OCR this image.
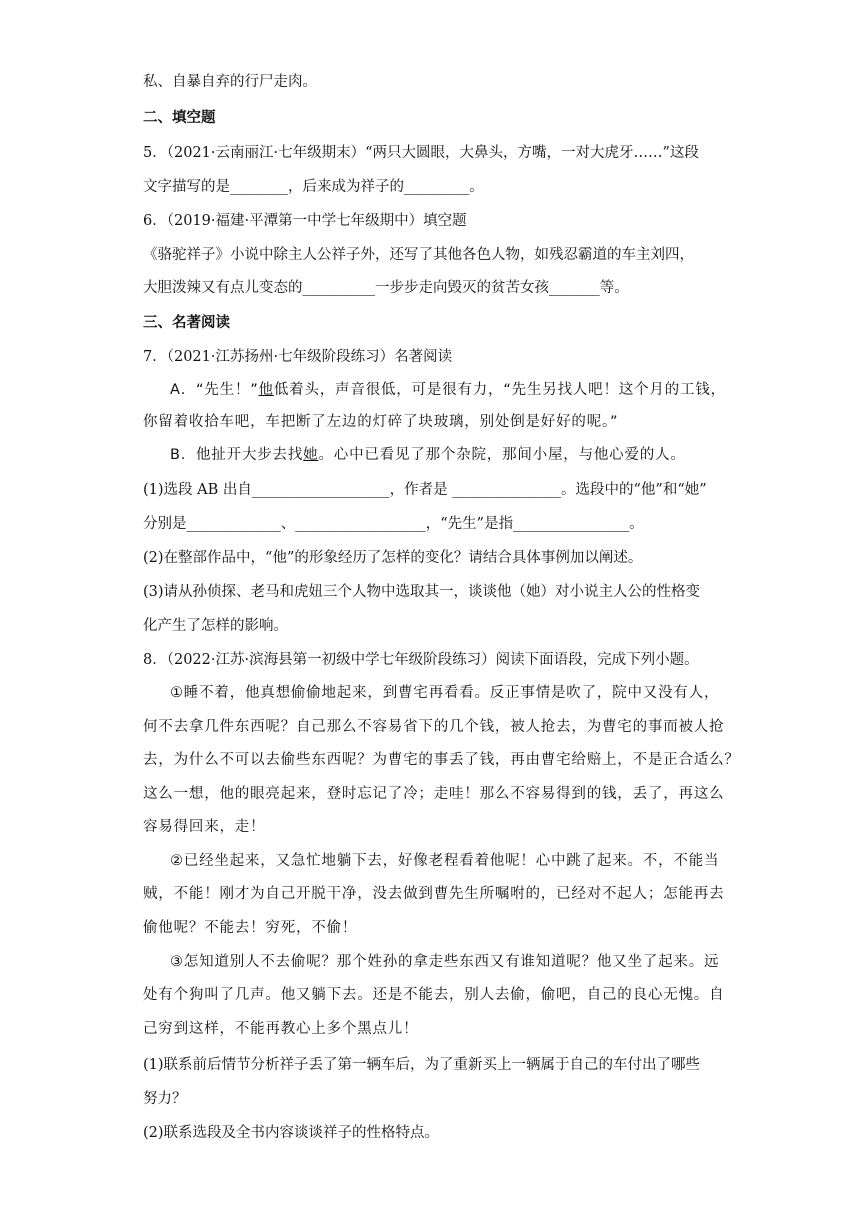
私、自暴自弃的行尸走肉。
二、填空题
5．（2021·云南丽江·七年级期末）“两只大圆眼，大鼻头，方嘴，一对大虎牙……”这段
文字描写的是________，后来成为祥子的_________。
6．（2019·福建·平潭第一中学七年级期中）填空题
《骆驼祥子》小说中除主人公祥子外，还写了其他各色人物，如残忍霸道的车主刘四，
大胆泼辣又有点儿变态的__________一步步走向毁灭的贫苦女孩_______等。
三、名著阅读
7．（2021·江苏扬州·七年级阶段练习）名著阅读
A．“先生！”他低着头，声音很低，可是很有力，“先生另找人吧！这个月的工钱，
你留着收拾车吧，车把断了左边的灯碎了块玻璃，别处倒是好好的呢。”
B．他扯开大步去找她。心中已看见了那个杂院，那间小屋，与他心爱的人。
(1)选段 AB 出自___________________，作者是 _______________。选段中的“他”和“她”
分别是_____________、__________________，“先生”是指________________。
(2)在整部作品中，“他”的形象经历了怎样的变化？请结合具体事例加以阐述。
(3)请从孙侦探、老马和虎妞三个人物中选取其一，谈谈他（她）对小说主人公的性格变
化产生了怎样的影响。
8．（2022·江苏·滨海县第一初级中学七年级阶段练习）阅读下面语段，完成下列小题。
①睡不着，他真想偷偷地起来，到曹宅再看看。反正事情是吹了，院中又没有人，
何不去拿几件东西呢？自己那么不容易省下的几个钱，被人抢去，为曹宅的事而被人抢
去，为什么不可以去偷些东西呢？为曹宅的事丢了钱，再由曹宅给赔上，不是正合适么？
这么一想，他的眼亮起来，登时忘记了冷；走哇！那么不容易得到的钱，丢了，再这么
容易得回来，走！
②已经坐起来，又急忙地躺下去，好像老程看着他呢！心中跳了起来。不，不能当
贼，不能！刚才为自己开脱干净，没去做到曹先生所嘱咐的，已经对不起人；怎能再去
偷他呢？不能去！穷死，不偷！
③怎知道别人不去偷呢？那个姓孙的拿走些东西又有谁知道呢？他又坐了起来。远
处有个狗叫了几声。他又躺下去。还是不能去，别人去偷，偷吧，自己的良心无愧。自
己穷到这样，不能再教心上多个黑点儿！
(1)联系前后情节分析祥子丢了第一辆车后，为了重新买上一辆属于自己的车付出了哪些
努力？
(2)联系选段及全书内容谈谈祥子的性格特点。
